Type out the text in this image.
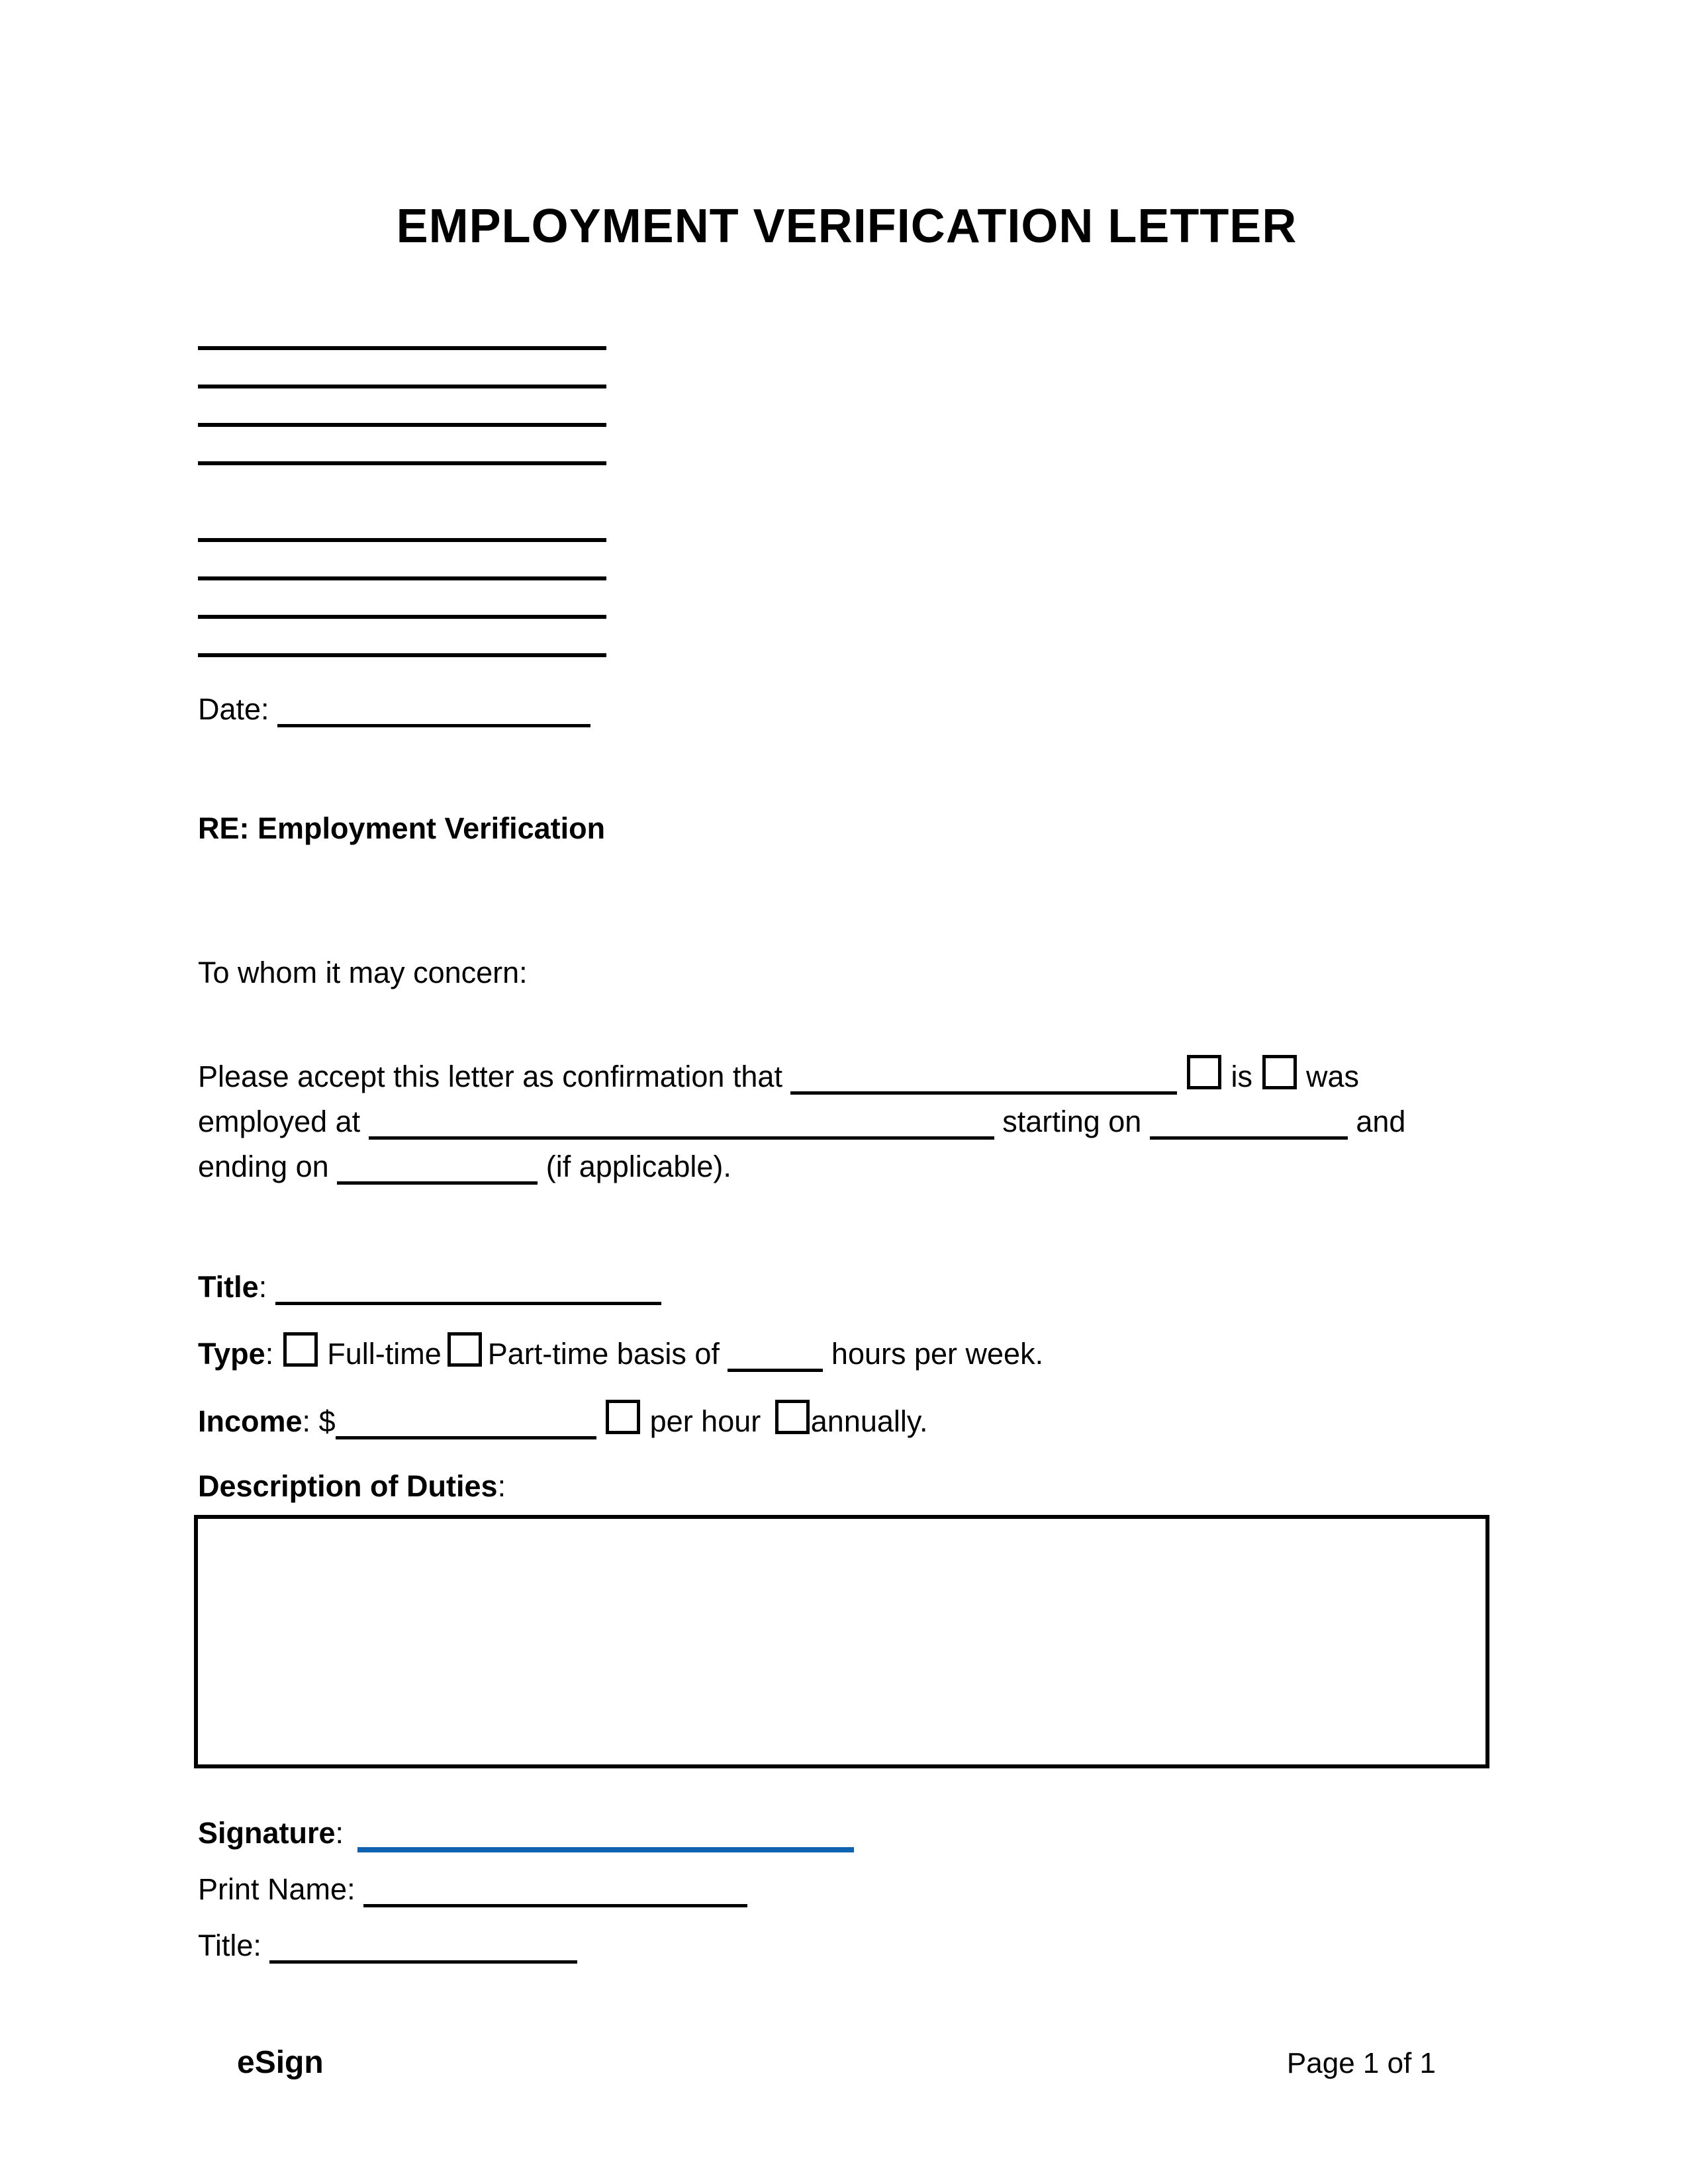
EMPLOYMENT VERIFICATION LETTER
Date:
RE: Employment Verification
To whom it may concern:
Please accept this letter as confirmation that	is was
employed at	starting on	and
ending on	(if applicable).
Title:
Type: Full-time Part-time basis of	hours per week.
Income: $	per hour annually.
Description of Duties:
Signature:
Print Name:
Title:
eSign	Page 1 of 1
